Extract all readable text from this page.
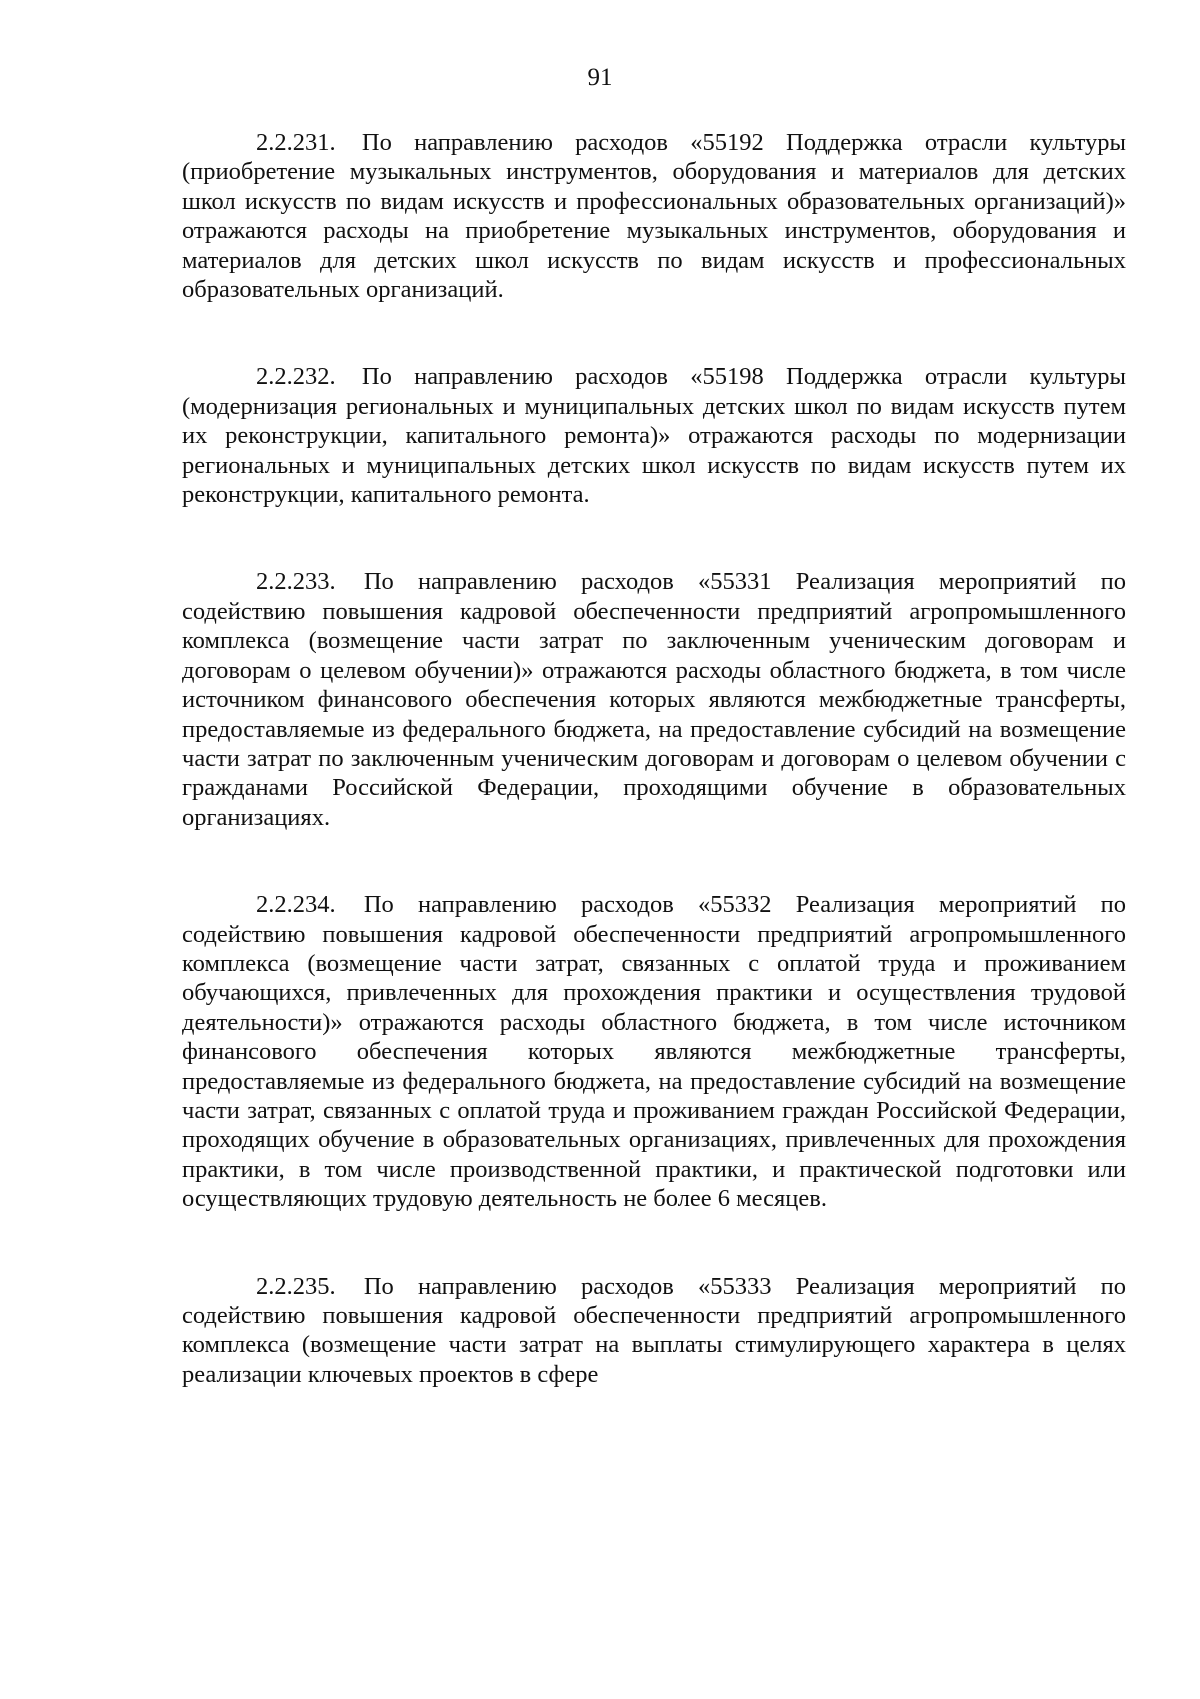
91

2.2.231. По направлению расходов «55192 Поддержка отрасли культуры (приобретение музыкальных инструментов, оборудования и материалов для детских школ искусств по видам искусств и профессиональных образовательных организаций)» отражаются расходы на приобретение музыкальных инструментов, оборудования и материалов для детских школ искусств по видам искусств и профессиональных образовательных организаций.

2.2.232. По направлению расходов «55198 Поддержка отрасли культуры (модернизация региональных и муниципальных детских школ по видам искусств путем их реконструкции, капитального ремонта)» отражаются расходы по модернизации региональных и муниципальных детских школ искусств по видам искусств путем их реконструкции, капитального ремонта.

2.2.233. По направлению расходов «55331 Реализация мероприятий по содействию повышения кадровой обеспеченности предприятий агропромышленного комплекса (возмещение части затрат по заключенным ученическим договорам и договорам о целевом обучении)» отражаются расходы областного бюджета, в том числе источником финансового обеспечения которых являются межбюджетные трансферты, предоставляемые из федерального бюджета, на предоставление субсидий на возмещение части затрат по заключенным ученическим договорам и договорам о целевом обучении с гражданами Российской Федерации, проходящими обучение в образовательных организациях.

2.2.234. По направлению расходов «55332 Реализация мероприятий по содействию повышения кадровой обеспеченности предприятий агропромышленного комплекса (возмещение части затрат, связанных с оплатой труда и проживанием обучающихся, привлеченных для прохождения практики и осуществления трудовой деятельности)» отражаются расходы областного бюджета, в том числе источником финансового обеспечения которых являются межбюджетные трансферты, предоставляемые из федерального бюджета, на предоставление субсидий на возмещение части затрат, связанных с оплатой труда и проживанием граждан Российской Федерации, проходящих обучение в образовательных организациях, привлеченных для прохождения практики, в том числе производственной практики, и практической подготовки или осуществляющих трудовую деятельность не более 6 месяцев.

2.2.235. По направлению расходов «55333 Реализация мероприятий по содействию повышения кадровой обеспеченности предприятий агропромышленного комплекса (возмещение части затрат на выплаты стимулирующего характера в целях реализации ключевых проектов в сфере
